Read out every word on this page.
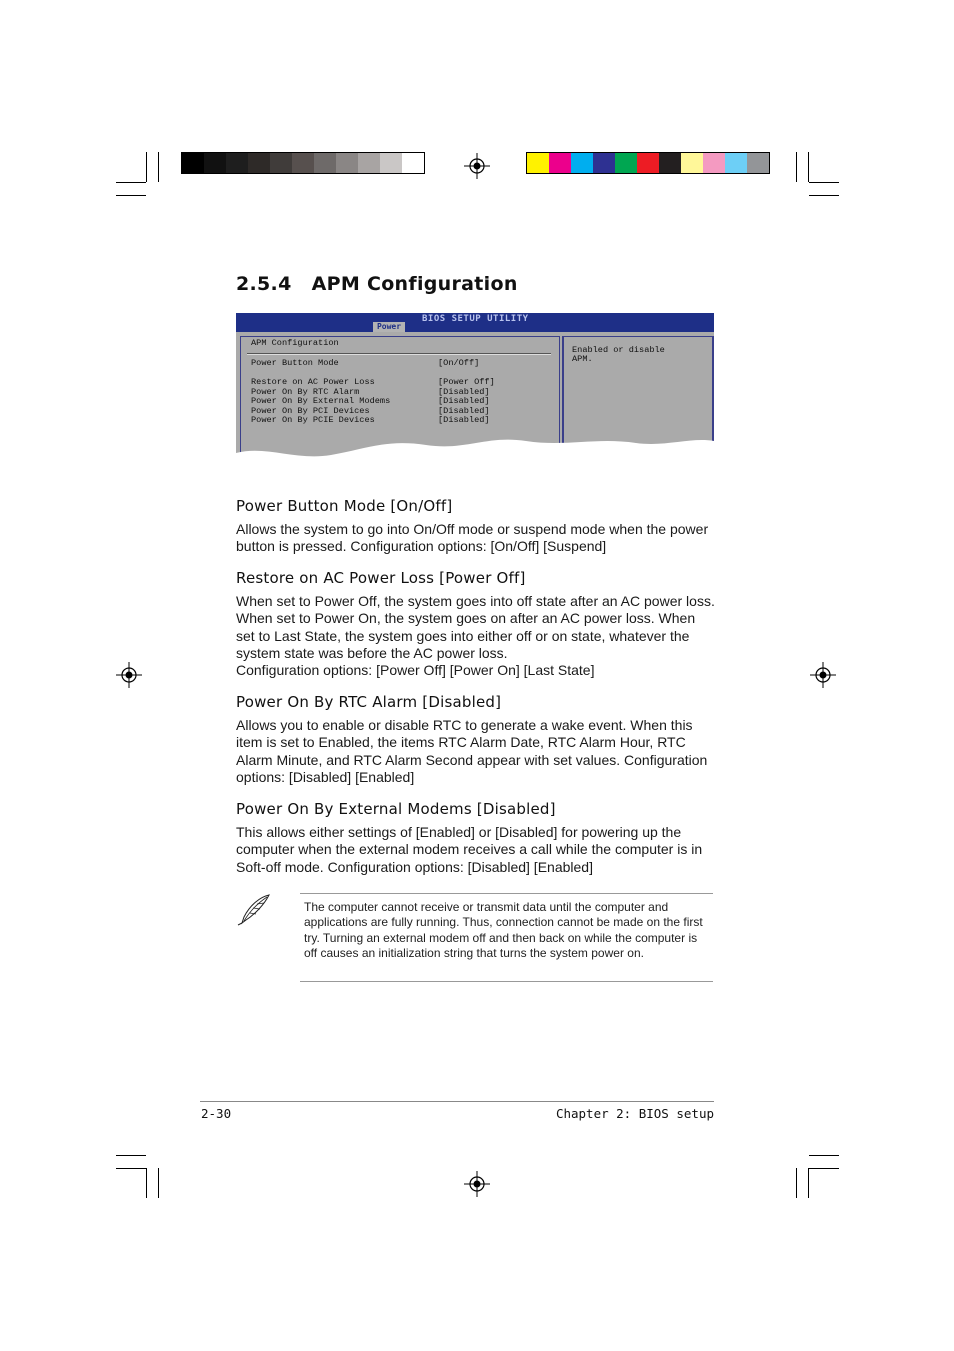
2.5.4 APM Configuration
BIOS SETUP UTILITY
Power
APM Configuration
Power Button Mode	[On/Off]
Restore on AC Power Loss	[Power Off]
Power On By RTC Alarm	[Disabled]
Power On By External Modems	[Disabled]
Power On By PCI Devices	[Disabled]
Power On By PCIE Devices	[Disabled]
Enabled or disable
APM.
Power Button Mode [On/Off]
Allows the system to go into On/Off mode or suspend mode when the power button is pressed. Configuration options: [On/Off] [Suspend]
Restore on AC Power Loss [Power Off]
When set to Power Off, the system goes into off state after an AC power loss. When set to Power On, the system goes on after an AC power loss. When set to Last State, the system goes into either off or on state, whatever the system state was before the AC power loss.
Configuration options: [Power Off] [Power On] [Last State]
Power On By RTC Alarm [Disabled]
Allows you to enable or disable RTC to generate a wake event. When this item is set to Enabled, the items RTC Alarm Date, RTC Alarm Hour, RTC Alarm Minute, and RTC Alarm Second appear with set values. Configuration options: [Disabled] [Enabled]
Power On By External Modems [Disabled]
This allows either settings of [Enabled] or [Disabled] for powering up the computer when the external modem receives a call while the computer is in Soft-off mode. Configuration options: [Disabled] [Enabled]
The computer cannot receive or transmit data until the computer and applications are fully running. Thus, connection cannot be made on the first try. Turning an external modem off and then back on while the computer is off causes an initialization string that turns the system power on.
2-30	Chapter 2: BIOS setup
